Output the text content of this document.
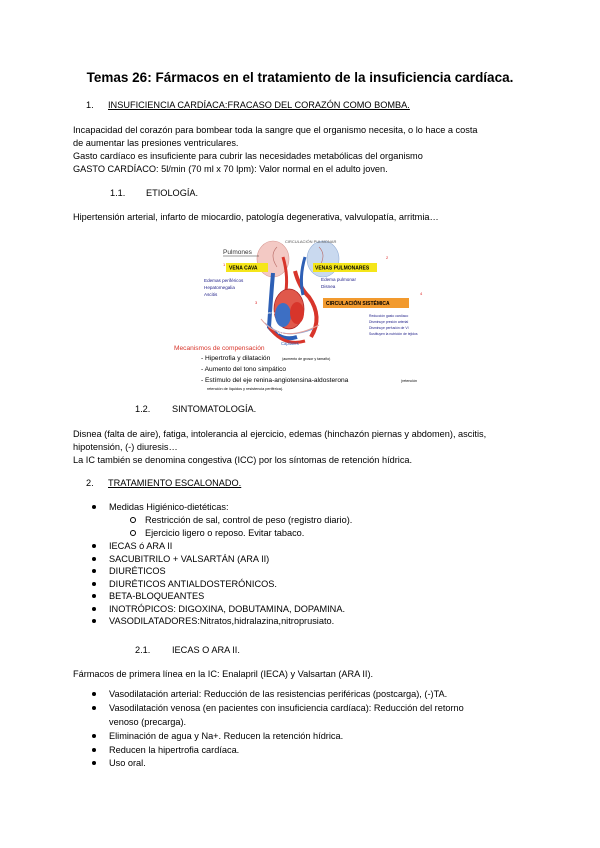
Temas 26: Fármacos en el tratamiento de la insuficiencia cardíaca.
1. INSUFICIENCIA CARDÍACA:FRACASO DEL CORAZÓN COMO BOMBA.
Incapacidad del corazón para bombear toda la sangre que el organismo necesita, o lo hace a costa
de aumentar las presiones ventriculares.
Gasto cardíaco es insuficiente para cubrir las necesidades metabólicas del organismo
GASTO CARDÍACO: 5l/min (70 ml x 70 lpm): Valor normal en el adulto joven.
1.1. ETIOLOGÍA.
Hipertensión arterial, infarto de miocardio, patología degenerativa, valvulopatía, arritmia…
CIRCULACIÓN PULMONAR
Pulmones
VENA CAVA
1
VENAS PULMONARES
2
Edemas periféricos
Hepatomegalia
Ascitis
Edema pulmonar
Disnea
Arteria
VD
VI
Capilares
3	CIRCULACIÓN SISTÉMICA
4
Reducción gasto cardíaco
Disminuye presión arterial
Disminuye perfusión de VI
Sustituyen la nutrición de tejidos
Mecanismos de compensación
- Hipertrofia y dilatación	(aumento de grosor y tamaño)
- Aumento del tono simpático
- Estímulo del eje renina-angiotensina-aldosterona	(retención
retención de líquidos y resistencia periférica).
1.2. SINTOMATOLOGÍA.
Disnea (falta de aire), fatiga, intolerancia al ejercicio, edemas (hinchazón piernas y abdomen), ascitis,
hipotensión, (-) diuresis…
La IC también se denomina congestiva (ICC) por los síntomas de retención hídrica.
2. TRATAMIENTO ESCALONADO.
Medidas Higiénico-dietéticas:
Restricción de sal, control de peso (registro diario).
Ejercicio ligero o reposo. Evitar tabaco.
IECAS ó ARA II
SACUBITRILO + VALSARTÁN (ARA II)
DIURÉTICOS
DIURÉTICOS ANTIALDOSTERÓNICOS.
BETA-BLOQUEANTES
INOTRÓPICOS: DIGOXINA, DOBUTAMINA, DOPAMINA.
VASODILATADORES:Nitratos,hidralazina,nitroprusiato.
2.1. IECAS O ARA II.
Fármacos de primera línea en la IC: Enalapril (IECA) y Valsartan (ARA II).
Vasodilatación arterial: Reducción de las resistencias periféricas (postcarga), (-)TA.
Vasodilatación venosa (en pacientes con insuficiencia cardíaca): Reducción del retorno
venoso (precarga).
Eliminación de agua y Na+. Reducen la retención hídrica.
Reducen la hipertrofia cardíaca.
Uso oral.
